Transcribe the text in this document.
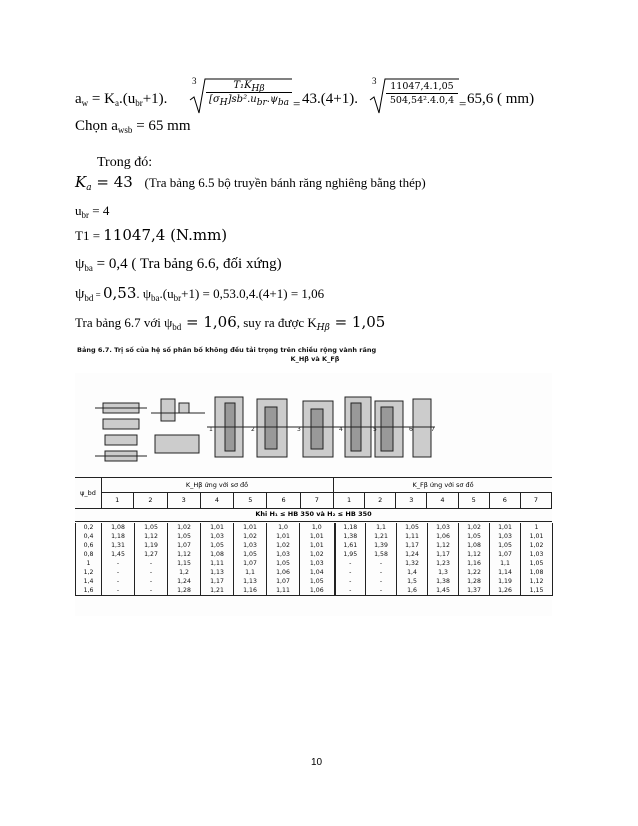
$a_w = K_a.(u_{br}+1)$.
3	$T_1K_{H\beta}$
$[\sigma_H]sb^2.u_{br}.\psi_{ba} = 43.(4+1)$.
$3 \frac{11047,4.1,05}{\text{504,54².4.0,4}} = 65,6$ ( mm)
Chọn $a_{wsb} = 65$ mm
Trong đó:
$K_a = 43$ (Tra bảng 6.5 bộ truyền bánh răng nghiêng bằng thép)
$u_{br} = 4$
T1 = 11047,4 (N.mm)
$\psi_{ba} = 0,4$ ( Tra bảng 6.6, đối xứng)
$\psi_{bd} = 0,53$. $\psi_{ba}.(u_{br}+1) = 0,53.0,4.(4+1) = 1,06$
Tra bảng 6.7 với $\psi_{bd} = 1,06$, suy ra được $K_{H\beta} = 1,05$
Bảng 6.7. Trị số của hệ số phân bố không đều tải trọng trên chiều rộng vành răng
K_Hβ và K_Fβ
1	2	3	4	5	6	7
ψ_bd
K_Hβ ứng với sơ đồ	K_Fβ ứng với sơ đồ
1	2	3	4	5	6	7	1	2	3	4	5	6	7
Khi H₁ ≤ HB 350 và H₂ ≤ HB 350
0,2	1,08	1,05	1,02	1,01	1,01	1,0	1,0	1,18	1,1	1,05	1,03	1,02	1,01	1
0,4	1,18	1,12	1,05	1,03	1,02	1,01	1,01	1,38	1,21	1,11	1,06	1,05	1,03	1,01
0,6	1,31	1,19	1,07	1,05	1,03	1,02	1,01	1,61	1,39	1,17	1,12	1,08	1,05	1,02
0,8	1,45	1,27	1,12	1,08	1,05	1,03	1,02	1,95	1,58	1,24	1,17	1,12	1,07	1,03
1	-	-	1,15	1,11	1,07	1,05	1,03	-	-	1,32	1,23	1,16	1,1	1,05
1,2	-	-	1,2	1,13	1,1	1,06	1,04	-	-	1,4	1,3	1,22	1,14	1,08
1,4	-	-	1,24	1,17	1,13	1,07	1,05	-	-	1,5	1,38	1,28	1,19	1,12
1,6	-	-	1,28	1,21	1,16	1,11	1,06	-	-	1,6	1,45	1,37	1,26	1,15
10
